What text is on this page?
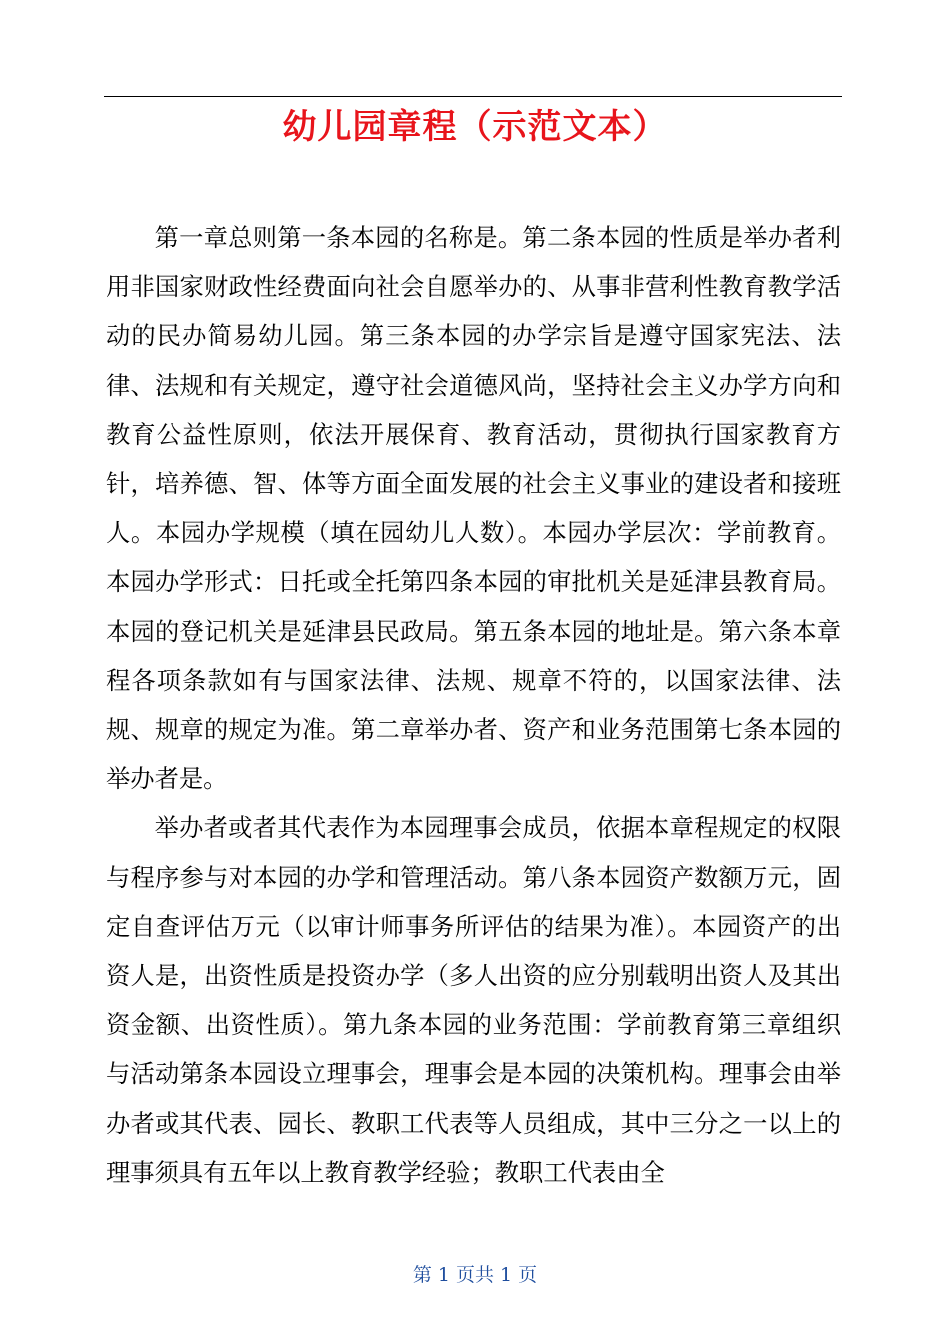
幼儿园章程（示范文本）

第一章总则第一条本园的名称是。第二条本园的性质是举办者利用非国家财政性经费面向社会自愿举办的、从事非营利性教育教学活动的民办简易幼儿园。第三条本园的办学宗旨是遵守国家宪法、法律、法规和有关规定，遵守社会道德风尚，坚持社会主义办学方向和教育公益性原则，依法开展保育、教育活动，贯彻执行国家教育方针，培养德、智、体等方面全面发展的社会主义事业的建设者和接班人。本园办学规模（填在园幼儿人数）。本园办学层次：学前教育。本园办学形式：日托或全托第四条本园的审批机关是延津县教育局。本园的登记机关是延津县民政局。第五条本园的地址是。第六条本章程各项条款如有与国家法律、法规、规章不符的，以国家法律、法规、规章的规定为准。第二章举办者、资产和业务范围第七条本园的举办者是。

举办者或者其代表作为本园理事会成员，依据本章程规定的权限与程序参与对本园的办学和管理活动。第八条本园资产数额万元，固定自查评估万元（以审计师事务所评估的结果为准）。本园资产的出资人是，出资性质是投资办学（多人出资的应分别载明出资人及其出资金额、出资性质）。第九条本园的业务范围：学前教育第三章组织与活动第条本园设立理事会，理事会是本园的决策机构。理事会由举办者或其代表、园长、教职工代表等人员组成，其中三分之一以上的理事须具有五年以上教育教学经验；教职工代表由全

第 1 页共 1 页
